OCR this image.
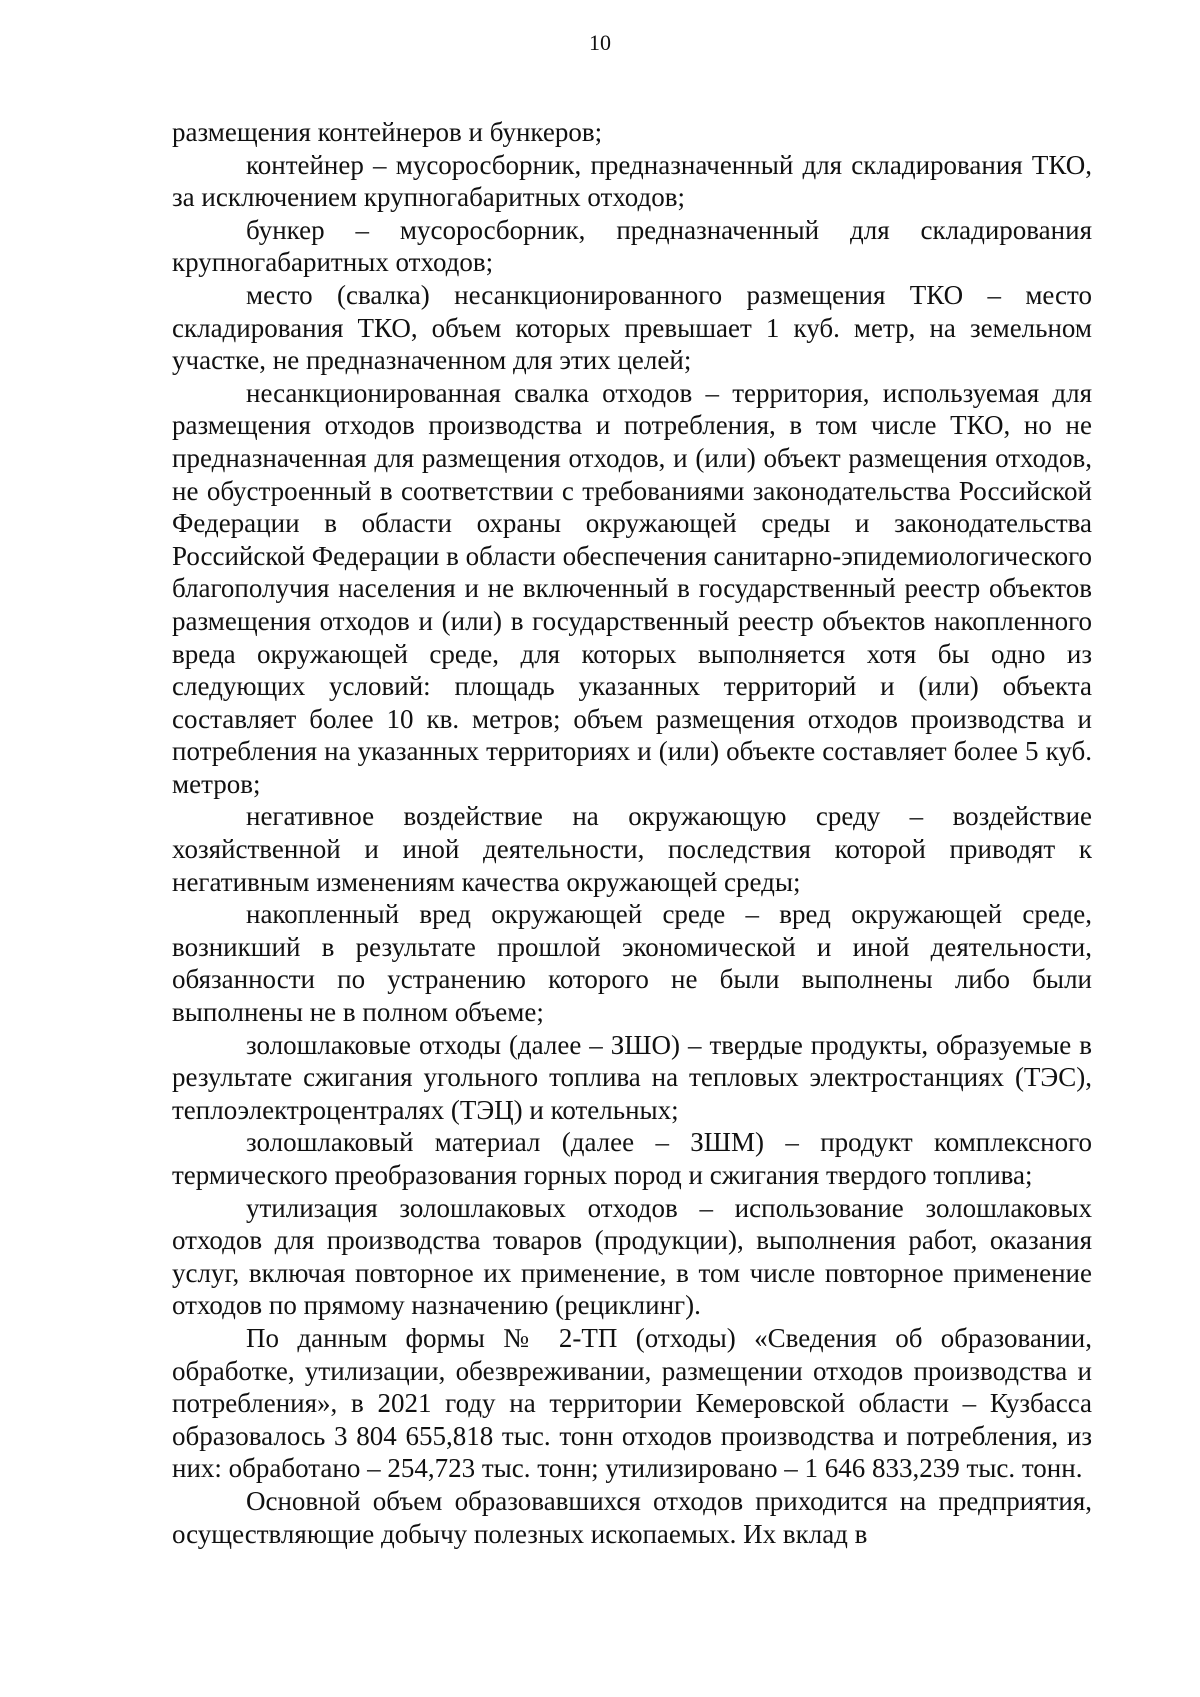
10

размещения контейнеров и бункеров;

контейнер – мусоросборник, предназначенный для складирования ТКО, за исключением крупногабаритных отходов;

бункер – мусоросборник, предназначенный для складирования крупногабаритных отходов;

место (свалка) несанкционированного размещения ТКО – место складирования ТКО, объем которых превышает 1 куб. метр, на земельном участке, не предназначенном для этих целей;

несанкционированная свалка отходов – территория, используемая для размещения отходов производства и потребления, в том числе ТКО, но не предназначенная для размещения отходов, и (или) объект размещения отходов, не обустроенный в соответствии с требованиями законодательства Российской Федерации в области охраны окружающей среды и законодательства Российской Федерации в области обеспечения санитарно-эпидемиологического благополучия населения и не включенный в государственный реестр объектов размещения отходов и (или) в государственный реестр объектов накопленного вреда окружающей среде, для которых выполняется хотя бы одно из следующих условий: площадь указанных территорий и (или) объекта составляет более 10 кв. метров; объем размещения отходов производства и потребления на указанных территориях и (или) объекте составляет более 5 куб. метров;

негативное воздействие на окружающую среду – воздействие хозяйственной и иной деятельности, последствия которой приводят к негативным изменениям качества окружающей среды;

накопленный вред окружающей среде – вред окружающей среде, возникший в результате прошлой экономической и иной деятельности, обязанности по устранению которого не были выполнены либо были выполнены не в полном объеме;

золошлаковые отходы (далее – ЗШО) – твердые продукты, образуемые в результате сжигания угольного топлива на тепловых электростанциях (ТЭС), теплоэлектроцентралях (ТЭЦ) и котельных;

золошлаковый материал (далее – ЗШМ) – продукт комплексного термического преобразования горных пород и сжигания твердого топлива;

утилизация золошлаковых отходов – использование золошлаковых отходов для производства товаров (продукции), выполнения работ, оказания услуг, включая повторное их применение, в том числе повторное применение отходов по прямому назначению (рециклинг).

По данным формы № 2-ТП (отходы) «Сведения об образовании, обработке, утилизации, обезвреживании, размещении отходов производства и потребления», в 2021 году на территории Кемеровской области – Кузбасса образовалось 3 804 655,818 тыс. тонн отходов производства и потребления, из них: обработано – 254,723 тыс. тонн; утилизировано – 1 646 833,239 тыс. тонн.

Основной объем образовавшихся отходов приходится на предприятия, осуществляющие добычу полезных ископаемых. Их вклад в
